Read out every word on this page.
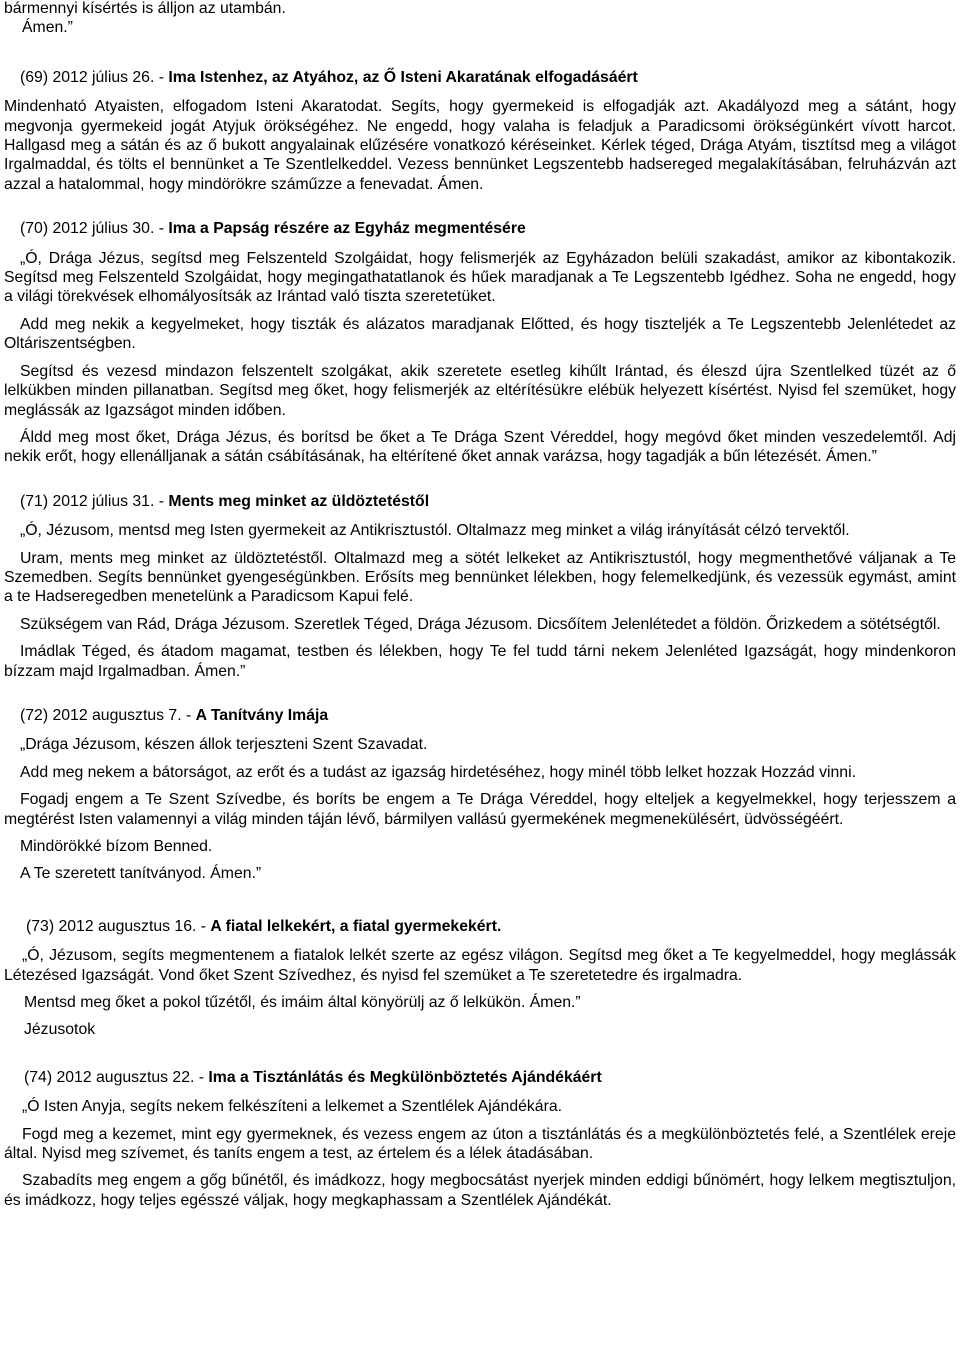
bármennyi kísértés is álljon az utambán.

Ámen.”

(69) 2012 július 26. - Ima Istenhez, az Atyához, az Ő Isteni Akaratának elfogadásáért

Mindenható Atyaisten, elfogadom Isteni Akaratodat. Segíts, hogy gyermekeid is elfogadják azt. Akadályozd meg a sátánt, hogy megvonja gyermekeid jogát Atyjuk örökségéhez. Ne engedd, hogy valaha is feladjuk a Paradicsomi örökségünkért vívott harcot. Hallgasd meg a sátán és az ő bukott angyalainak elűzésére vonatkozó kéréseinket. Kérlek téged, Drága Atyám, tisztítsd meg a világot Irgalmaddal, és tölts el bennünket a Te Szentlelkeddel. Vezess bennünket Legszentebb hadsereged megalakításában, felruházván azt azzal a hatalommal, hogy mindörökre száműzze a fenevadat. Ámen.

(70) 2012 július 30. - Ima a Papság részére az Egyház megmentésére

„Ó, Drága Jézus, segítsd meg Felszenteld Szolgáidat, hogy felismerjék az Egyházadon belüli szakadást, amikor az kibontakozik. Segítsd meg Felszenteld Szolgáidat, hogy megingathatatlanok és hűek maradjanak a Te Legszentebb Igédhez. Soha ne engedd, hogy a világi törekvések elhomályosítsák az Irántad való tiszta szeretetüket.

Add meg nekik a kegyelmeket, hogy tiszták és alázatos maradjanak Előtted, és hogy tiszteljék a Te Legszentebb Jelenlétedet az Oltáriszentségben.

Segítsd és vezesd mindazon felszentelt szolgákat, akik szeretete esetleg kihűlt Irántad, és éleszd újra Szentlelked tüzét az ő lelkükben minden pillanatban. Segítsd meg őket, hogy felismerjék az eltérítésükre elébük helyezett kísértést. Nyisd fel szemüket, hogy meglássák az Igazságot minden időben.

Áldd meg most őket, Drága Jézus, és borítsd be őket a Te Drága Szent Véreddel, hogy megóvd őket minden veszedelemtől. Adj nekik erőt, hogy ellenálljanak a sátán csábításának, ha eltérítené őket annak varázsa, hogy tagadják a bűn létezését. Ámen.”

(71) 2012 július 31. - Ments meg minket az üldöztetéstől

„Ó, Jézusom, mentsd meg Isten gyermekeit az Antikrisztustól. Oltalmazz meg minket a világ irányítását célzó tervektől.

Uram, ments meg minket az üldöztetéstől. Oltalmazd meg a sötét lelkeket az Antikrisztustól, hogy megmenthetővé váljanak a Te Szemedben. Segíts bennünket gyengeségünkben. Erősíts meg bennünket lélekben, hogy felemelkedjünk, és vezessük egymást, amint a te Hadseregedben menetelünk a Paradicsom Kapui felé.

Szükségem van Rád, Drága Jézusom. Szeretlek Téged, Drága Jézusom. Dicsőítem Jelenlétedet a földön. Őrizkedem a sötétségtől.

Imádlak Téged, és átadom magamat, testben és lélekben, hogy Te fel tudd tárni nekem Jelenléted Igazságát, hogy mindenkoron bízzam majd Irgalmadban. Ámen.”

(72) 2012 augusztus 7. - A Tanítvány Imája

„Drága Jézusom, készen állok terjeszteni Szent Szavadat.

Add meg nekem a bátorságot, az erőt és a tudást az igazság hirdetéséhez, hogy minél több lelket hozzak Hozzád vinni.

Fogadj engem a Te Szent Szívedbe, és boríts be engem a Te Drága Véreddel, hogy elteljek a kegyelmekkel, hogy terjesszem a megtérést Isten valamennyi a világ minden táján lévő, bármilyen vallású gyermekének megmenekülésért, üdvösségéért.

Mindörökké bízom Benned.

A Te szeretett tanítványod. Ámen.”

(73) 2012 augusztus 16. - A fiatal lelkekért, a fiatal gyermekekért.

„Ó, Jézusom, segíts megmentenem a fiatalok lelkét szerte az egész világon. Segítsd meg őket a Te kegyelmeddel, hogy meglássák Létezésed Igazságát. Vond őket Szent Szívedhez, és nyisd fel szemüket a Te szeretetedre és irgalmadra.

Mentsd meg őket a pokol tűzétől, és imáim által könyörülj az ő lelkükön. Ámen.”

Jézusotok

(74) 2012 augusztus 22. - Ima a Tisztánlátás és Megkülönböztetés Ajándékáért

„Ó Isten Anyja, segíts nekem felkészíteni a lelkemet a Szentlélek Ajándékára.

Fogd meg a kezemet, mint egy gyermeknek, és vezess engem az úton a tisztánlátás és a megkülönböztetés felé, a Szentlélek ereje által. Nyisd meg szívemet, és taníts engem a test, az értelem és a lélek átadásában.

Szabadíts meg engem a gőg bűnétől, és imádkozz, hogy megbocsátást nyerjek minden eddigi bűnömért, hogy lelkem megtisztuljon, és imádkozz, hogy teljes egésszé váljak, hogy megkaphassam a Szentlélek Ajándékát.
